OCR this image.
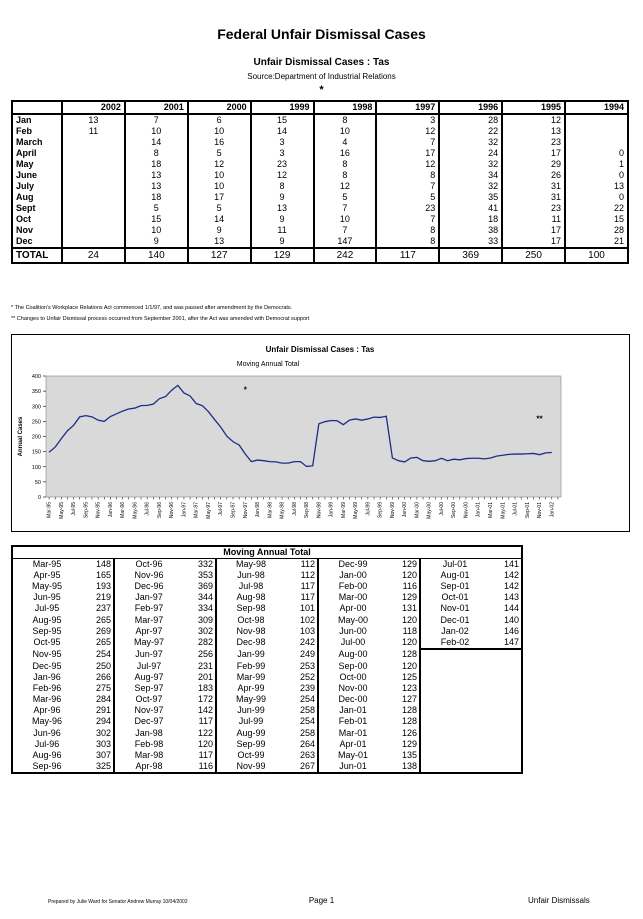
Federal Unfair Dismissal Cases
Unfair Dismissal Cases : Tas
Source:Department of Industrial Relations
*
	2002	2001	2000	1999	1998	1997	1996	1995	1994
Jan	13	7	6	15	8	3	28	12	
Feb	11	10	10	14	10	12	22	13	
March		14	16	3	4	7	32	23	
April		8	5	3	16	17	24	17	0
May		18	12	23	8	12	32	29	1
June		13	10	12	8	8	34	26	0
July		13	10	8	12	7	32	31	13
Aug		18	17	9	5	5	35	31	0
Sept		5	5	13	7	23	41	23	22
Oct		15	14	9	10	7	18	11	15
Nov		10	9	11	7	8	38	17	28
Dec		9	13	9	147	8	33	17	21
TOTAL	24	140	127	129	242	117	369	250	100
* The Coalition's Workplace Relations Act commenced 1/1/97, and was passed after amendment by the Democrats.
** Changes to Unfair Dismissal process occurred from September 2001, after the Act was amended with Democrat support
Unfair Dismissal Cases : Tas
Moving Annual Total
0
50
100
150
200
250
300
350
400
Annual Cases
Mar-95 May-95 Jul-95 Sep-95 Nov-95 Jan-96 Mar-96 May-96 Jul-96 Sep-96 Nov-96 Jan-97 Mar-97 May-97 Jul-97 Sep-97 Nov-97 Jan-98 Mar-98 May-98 Jul-98 Sep-98 Nov-98 Jan-99 Mar-99 May-99 Jul-99 Sep-99 Nov-99 Jan-00 Mar-00 May-00 Jul-00 Sep-00 Nov-00 Jan-01 Mar-01 May-01 Jul-01 Sep-01 Nov-01 Jan-02
*
**
Moving Annual Total									
Mar-95	148	Oct-96	332	May-98	112	Dec-99	129	Jul-01	141
Apr-95	165	Nov-96	353	Jun-98	112	Jan-00	120	Aug-01	142
May-95	193	Dec-96	369	Jul-98	117	Feb-00	116	Sep-01	142
Jun-95	219	Jan-97	344	Aug-98	117	Mar-00	129	Oct-01	143
Jul-95	237	Feb-97	334	Sep-98	101	Apr-00	131	Nov-01	144
Aug-95	265	Mar-97	309	Oct-98	102	May-00	120	Dec-01	140
Sep-95	269	Apr-97	302	Nov-98	103	Jun-00	118	Jan-02	146
Oct-95	265	May-97	282	Dec-98	242	Jul-00	120	Feb-02	147
Nov-95	254	Jun-97	256	Jan-99	249	Aug-00	128		
Dec-95	250	Jul-97	231	Feb-99	253	Sep-00	120		
Jan-96	266	Aug-97	201	Mar-99	252	Oct-00	125		
Feb-96	275	Sep-97	183	Apr-99	239	Nov-00	123		
Mar-96	284	Oct-97	172	May-99	254	Dec-00	127		
Apr-96	291	Nov-97	142	Jun-99	258	Jan-01	128		
May-96	294	Dec-97	117	Jul-99	254	Feb-01	128		
Jun-96	302	Jan-98	122	Aug-99	258	Mar-01	126		
Jul-96	303	Feb-98	120	Sep-99	264	Apr-01	129		
Aug-96	307	Mar-98	117	Oct-99	263	May-01	135		
Sep-96	325	Apr-98	116	Nov-99	267	Jun-01	138		
Prepared by Julie Ward for Senator Andrew Murray 10/04/2002	Page 1	Unfair Dismissals
